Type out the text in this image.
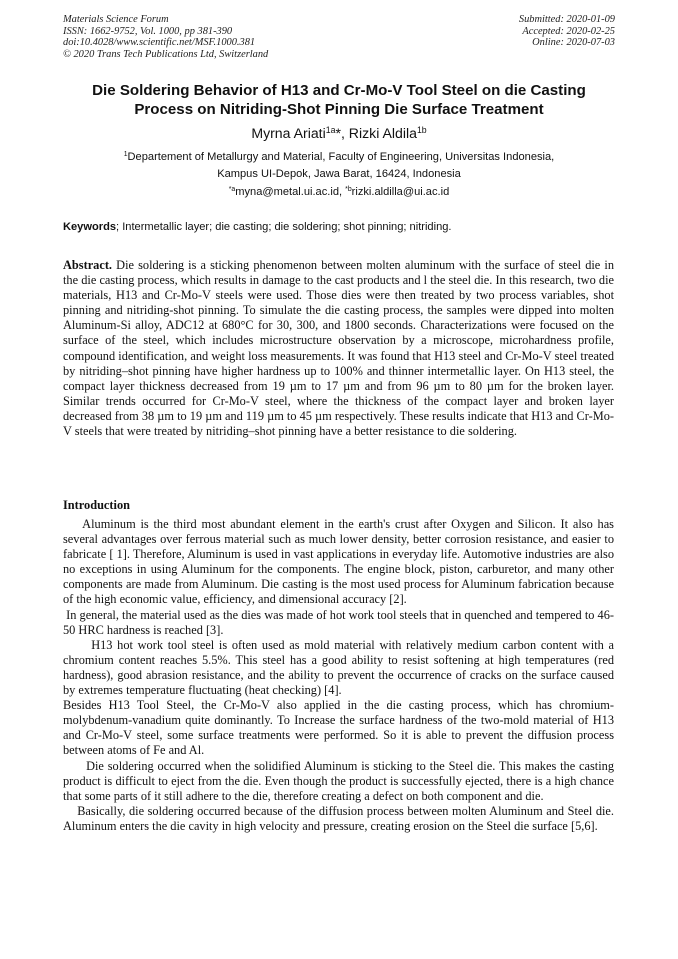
Materials Science Forum
ISSN: 1662-9752, Vol. 1000, pp 381-390
doi:10.4028/www.scientific.net/MSF.1000.381
© 2020 Trans Tech Publications Ltd, Switzerland
Submitted: 2020-01-09
Accepted: 2020-02-25
Online: 2020-07-03
Die Soldering Behavior of H13 and Cr-Mo-V Tool Steel on die Casting
Process on Nitriding-Shot Pinning Die Surface Treatment
Myrna Ariati$^{1a}$*, Rizki Aldila$^{1b}$
$^1$Departement of Metallurgy and Material, Faculty of Engineering, Universitas Indonesia,
Kampus UI-Depok, Jawa Barat, 16424, Indonesia
$^{*a}$myna@metal.ui.ac.id, $^{*b}$rizki.aldilla@ui.ac.id
Keywords; Intermetallic layer; die casting; die soldering; shot pinning; nitriding.
Abstract. Die soldering is a sticking phenomenon between molten aluminum with the surface of steel die in the die casting process, which results in damage to the cast products and l the steel die. In this research, two die materials, H13 and Cr-Mo-V steels were used. Those dies were then treated by two process variables, shot pinning and nitriding-shot pinning. To simulate the die casting process, the samples were dipped into molten Aluminum-Si alloy, ADC12 at 680°C for 30, 300, and 1800 seconds. Characterizations were focused on the surface of the steel, which includes microstructure observation by a microscope, microhardness profile, compound identification, and weight loss measurements. It was found that H13 steel and Cr-Mo-V steel treated by nitriding–shot pinning have higher hardness up to 100% and thinner intermetallic layer. On H13 steel, the compact layer thickness decreased from 19 µm to 17 µm and from 96 µm to 80 µm for the broken layer. Similar trends occurred for Cr-Mo-V steel, where the thickness of the compact layer and broken layer decreased from 38 µm to 19 µm and 119 µm to 45 µm respectively. These results indicate that H13 and Cr-Mo-V steels that were treated by nitriding–shot pinning have a better resistance to die soldering.
Introduction

Aluminum is the third most abundant element in the earth's crust after Oxygen and Silicon. It also has several advantages over ferrous material such as much lower density, better corrosion resistance, and easier to fabricate [ 1]. Therefore, Aluminum is used in vast applications in everyday life. Automotive industries are also no exceptions in using Aluminum for the components. The engine block, piston, carburetor, and many other components are made from Aluminum. Die casting is the most used process for Aluminum fabrication because of the high economic value, efficiency, and dimensional accuracy [2].

In general, the material used as the dies was made of hot work tool steels that in quenched and tempered to 46-50 HRC hardness is reached [3].

H13 hot work tool steel is often used as mold material with relatively medium carbon content with a chromium content reaches 5.5%. This steel has a good ability to resist softening at high temperatures (red hardness), good abrasion resistance, and the ability to prevent the occurrence of cracks on the surface caused by extremes temperature fluctuating (heat checking) [4].

Besides H13 Tool Steel, the Cr-Mo-V also applied in the die casting process, which has chromium-molybdenum-vanadium quite dominantly. To Increase the surface hardness of the two-mold material of H13 and Cr-Mo-V steel, some surface treatments were performed. So it is able to prevent the diffusion process between atoms of Fe and Al.

Die soldering occurred when the solidified Aluminum is sticking to the Steel die. This makes the casting product is difficult to eject from the die. Even though the product is successfully ejected, there is a high chance that some parts of it still adhere to the die, therefore creating a defect on both component and die.

Basically, die soldering occurred because of the diffusion process between molten Aluminum and Steel die. Aluminum enters the die cavity in high velocity and pressure, creating erosion on the Steel die surface [5,6].
